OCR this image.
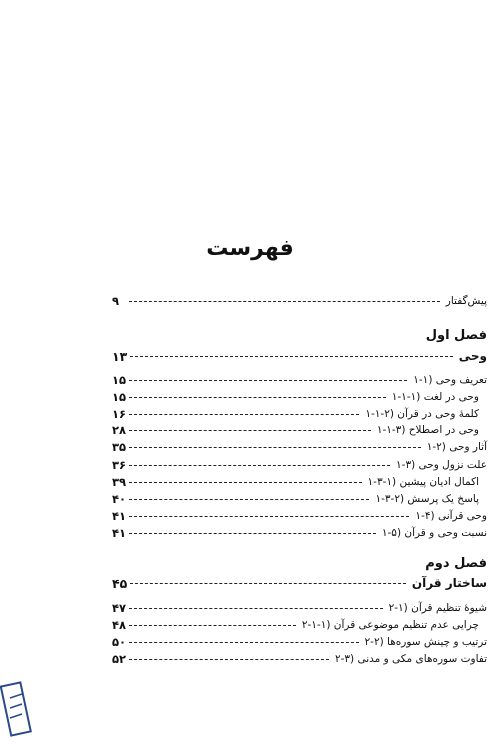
فهرست
پیش‌گفتار
۹
فصل اول
وحی
۱۳
۱-۱) تعریف وحی
۱۵
۱-۱-۱) وحی در لغت
۱۵
۱-۱-۲) کلمهٔ وحی در قرآن
۱۶
۱-۱-۳) وحی در اصطلاح
۲۸
۱-۲) آثار وحی
۳۵
۱-۳) علت نزول وحی
۳۶
۱-۳-۱) اکمال ادیان پیشین
۳۹
۱-۳-۲) پاسخ یک پرسش
۴۰
۱-۴) وحی قرآنی
۴۱
۱-۵) نسبت وحی و قرآن
۴۱
فصل دوم
ساختار قرآن
۴۵
۲-۱) شیوهٔ تنظیم قرآن
۴۷
۲-۱-۱) چرایی عدم تنظیم موضوعی قرآن
۴۸
۲-۲) ترتیب و چینش سوره‌ها
۵۰
۲-۳) تفاوت سوره‌های مکی و مدنی
۵۲
